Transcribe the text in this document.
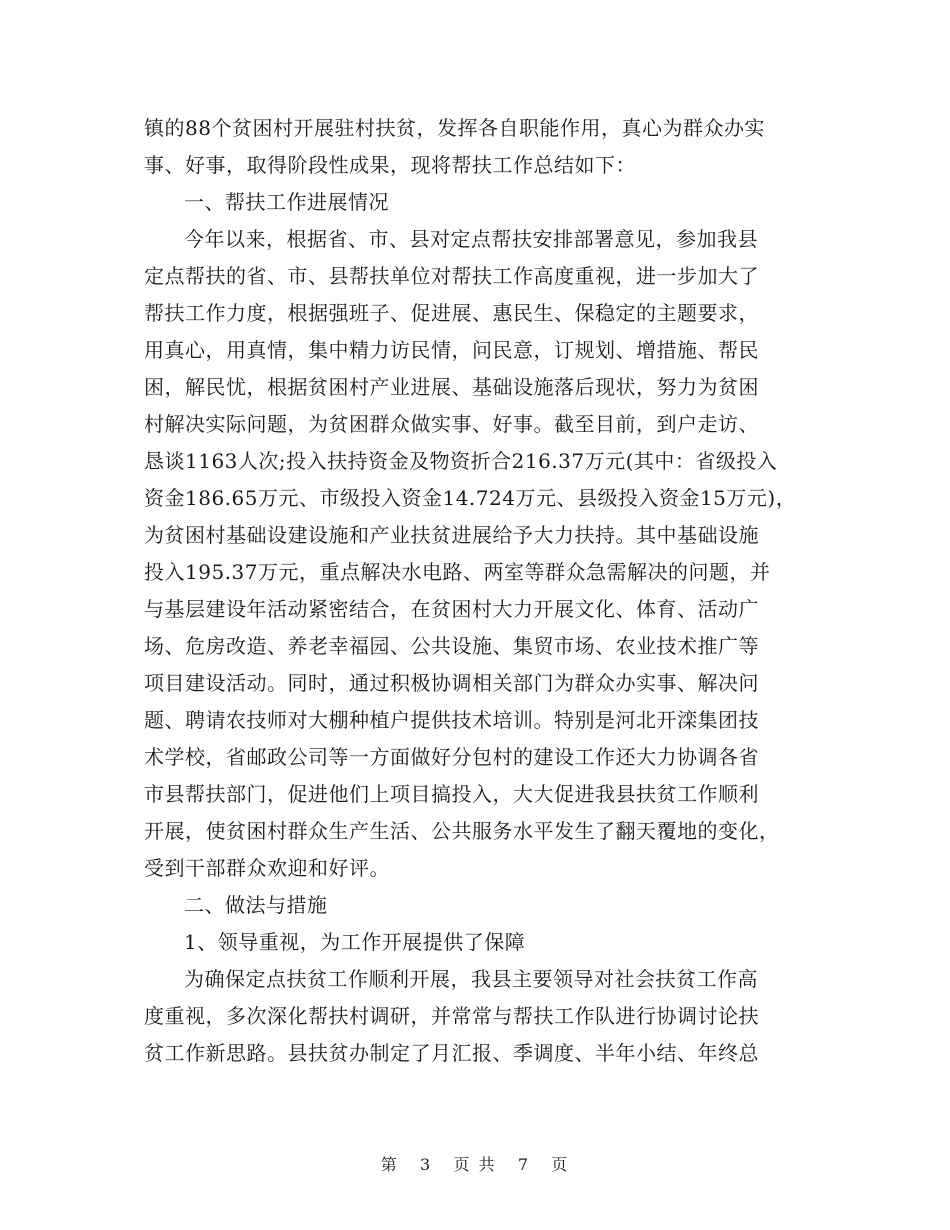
镇的88个贫困村开展驻村扶贫，发挥各自职能作用，真心为群众办实
事、好事，取得阶段性成果，现将帮扶工作总结如下：
一、帮扶工作进展情况
今年以来，根据省、市、县对定点帮扶安排部署意见，参加我县
定点帮扶的省、市、县帮扶单位对帮扶工作高度重视，进一步加大了
帮扶工作力度，根据强班子、促进展、惠民生、保稳定的主题要求，
用真心，用真情，集中精力访民情，问民意，订规划、增措施、帮民
困，解民忧，根据贫困村产业进展、基础设施落后现状，努力为贫困
村解决实际问题，为贫困群众做实事、好事。截至目前，到户走访、
恳谈1163人次;投入扶持资金及物资折合216.37万元(其中：省级投入
资金186.65万元、市级投入资金14.724万元、县级投入资金15万元)，
为贫困村基础设建设施和产业扶贫进展给予大力扶持。其中基础设施
投入195.37万元，重点解决水电路、两室等群众急需解决的问题，并
与基层建设年活动紧密结合，在贫困村大力开展文化、体育、活动广
场、危房改造、养老幸福园、公共设施、集贸市场、农业技术推广等
项目建设活动。同时，通过积极协调相关部门为群众办实事、解决问
题、聘请农技师对大棚种植户提供技术培训。特别是河北开滦集团技
术学校，省邮政公司等一方面做好分包村的建设工作还大力协调各省
市县帮扶部门，促进他们上项目搞投入，大大促进我县扶贫工作顺利
开展，使贫困村群众生产生活、公共服务水平发生了翻天覆地的变化，
受到干部群众欢迎和好评。
二、做法与措施
1、领导重视，为工作开展提供了保障
为确保定点扶贫工作顺利开展，我县主要领导对社会扶贫工作高
度重视，多次深化帮扶村调研，并常常与帮扶工作队进行协调讨论扶
贫工作新思路。县扶贫办制定了月汇报、季调度、半年小结、年终总
第 3 页 共 7 页
